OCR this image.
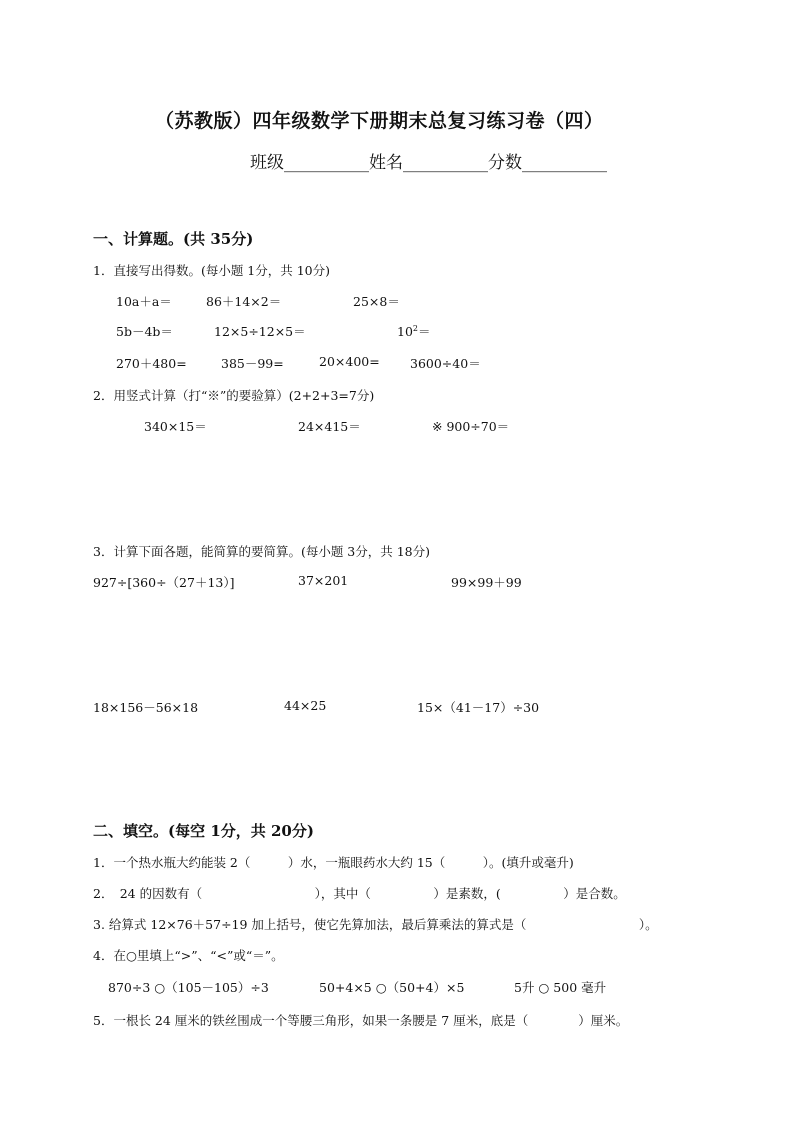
（苏教版）四年级数学下册期末总复习练习卷（四）
班级__________姓名__________分数__________
一、计算题。(共 35分)
1．直接写出得数。(每小题 1分，共 10分)
10a＋a＝	86＋14×2＝	25×8＝
5b－4b＝	12×5÷12×5＝	$10^2=$
270＋480=	385－99=	20×400= 3600÷40＝
2．用竖式计算（打“※”的要验算）(2+2+3=7分)
340×15＝	24×415＝	※ 900÷70＝
3．计算下面各题，能简算的要简算。(每小题 3分，共 18分)
927÷[360÷（27＋13）]	37×201	99×99＋99
18×156－56×18	44×25	15×（41－17）÷30
二、填空。(每空 1分，共 20分)
1．一个热水瓶大约能装 2（　　　）水，一瓶眼药水大约 15（　　　）。(填升或毫升)
2．　24 的因数有（　　　　　　　　　），其中（　　　　　）是素数，(　　　　　）是合数。
3. 给算式 12×76＋57÷19 加上括号，使它先算加法，最后算乘法的算式是（　　　　　　　　　）。
4．在○里填上“>”、“<”或“＝”。
870÷3 ○（105－105）÷3	50+4×5 ○（50+4）×5	5升 ○ 500 毫升
5．一根长 24 厘米的铁丝围成一个等腰三角形，如果一条腰是 7 厘米，底是（　　　　）厘米。
